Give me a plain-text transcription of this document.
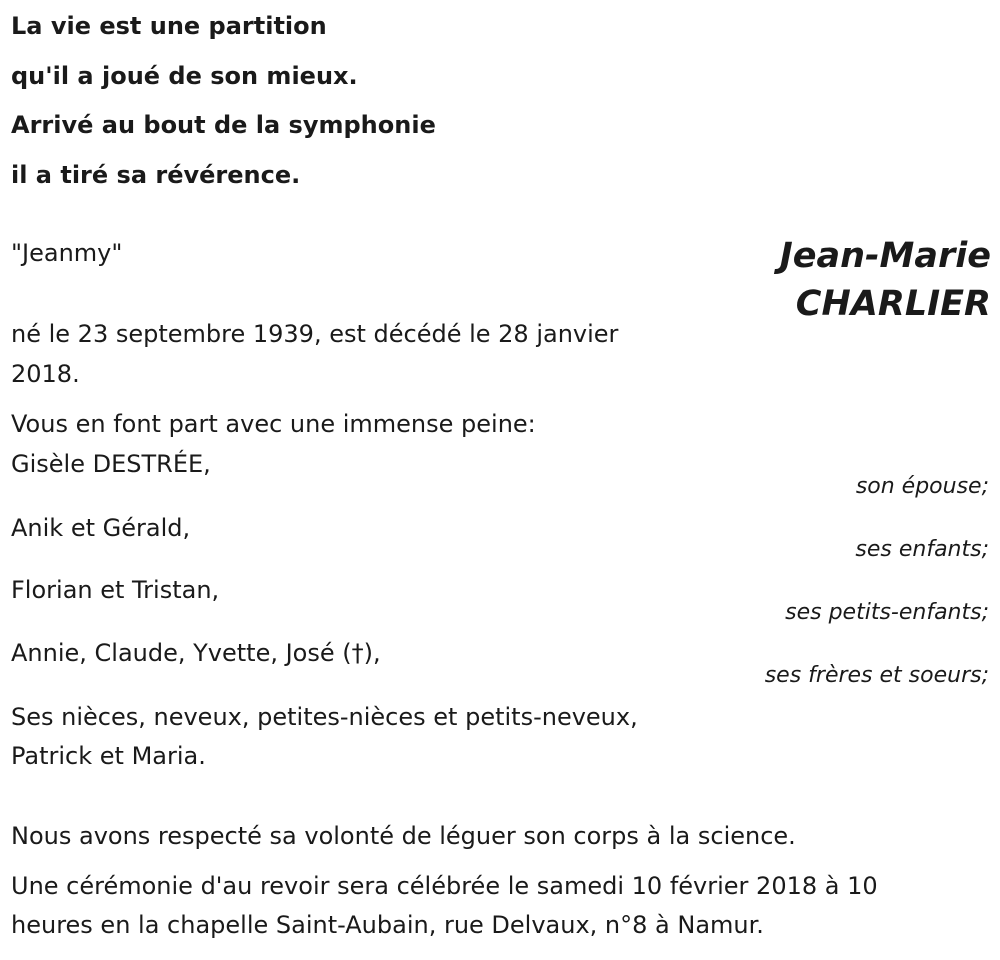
La vie est une partition
qu'il a joué de son mieux.
Arrivé au bout de la symphonie
il a tiré sa révérence.
"Jeanmy"	Jean-Marie
CHARLIER
né le 23 septembre 1939, est décédé le 28 janvier
2018.
Vous en font part avec une immense peine:
Gisèle DESTRÉE,
son épouse;
Anik et Gérald,
ses enfants;
Florian et Tristan,
ses petits-enfants;
Annie, Claude, Yvette, José (†),
ses frères et soeurs;
Ses nièces, neveux, petites-nièces et petits-neveux,
Patrick et Maria.
Nous avons respecté sa volonté de léguer son corps à la science.
Une cérémonie d'au revoir sera célébrée le samedi 10 février 2018 à 10
heures en la chapelle Saint-Aubain, rue Delvaux, n°8 à Namur.
